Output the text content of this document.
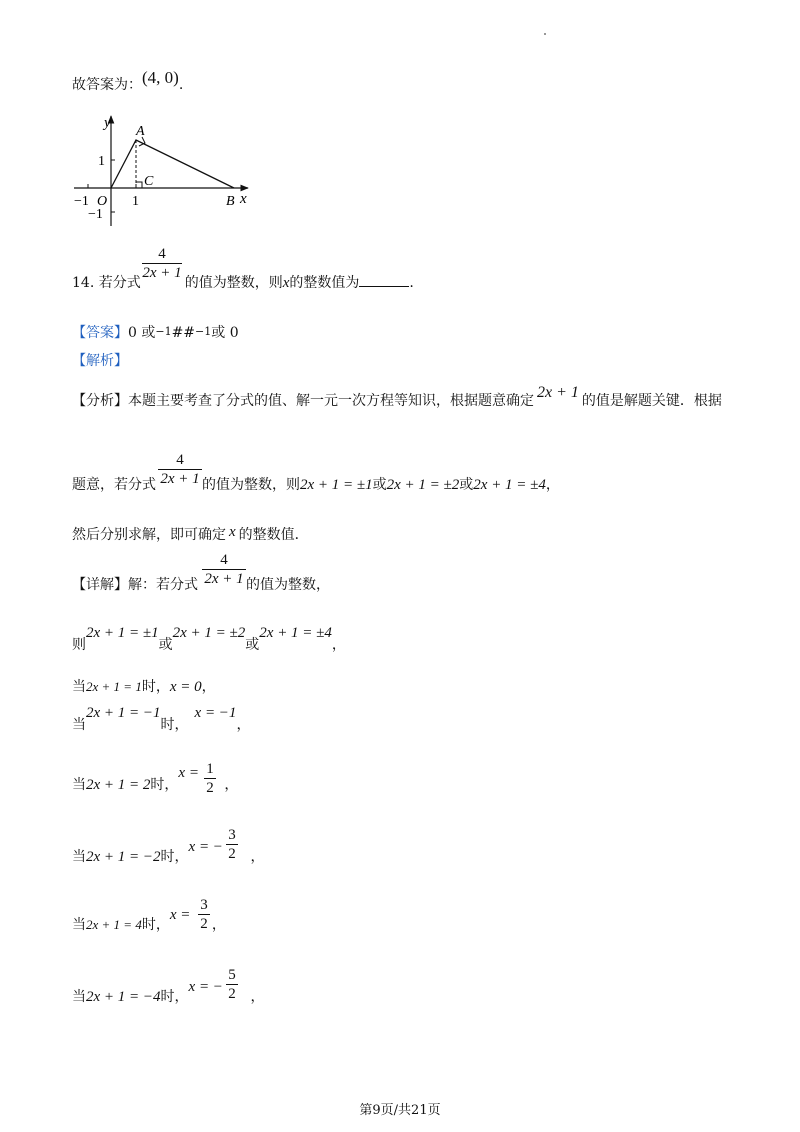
故答案为：(4, 0).
y
x
A
B
C
O
−1	1
1
−1
4
2x + 1
14. 若分式	的值为整数，则x的整数值为	.
【答案】0 或−1##−1或 0
【解析】
【分析】本题主要考查了分式的值、解一元一次方程等知识，根据题意确定 2x + 1 的值是解题关键．根据
4
2x + 1
题意，若分式	的值为整数，则2x + 1 = ±1或2x + 1 = ±2或2x + 1 = ±4，
然后分别求解，即可确定 x 的整数值．
4
2x + 1
【详解】解：若分式	的值为整数，
则2x + 1 = ±1或2x + 1 = ±2或2x + 1 = ±4，
当2x + 1 = 1时，x = 0，
当2x + 1 = −1时，x = −1，
当2x + 1 = 2时，x =，
1
2
当2x + 1 = −2时，x = −，
3
2
当2x + 1 = 4时，x =，
3
2
当2x + 1 = −4时，x = −，
5
2
第9页/共21页
